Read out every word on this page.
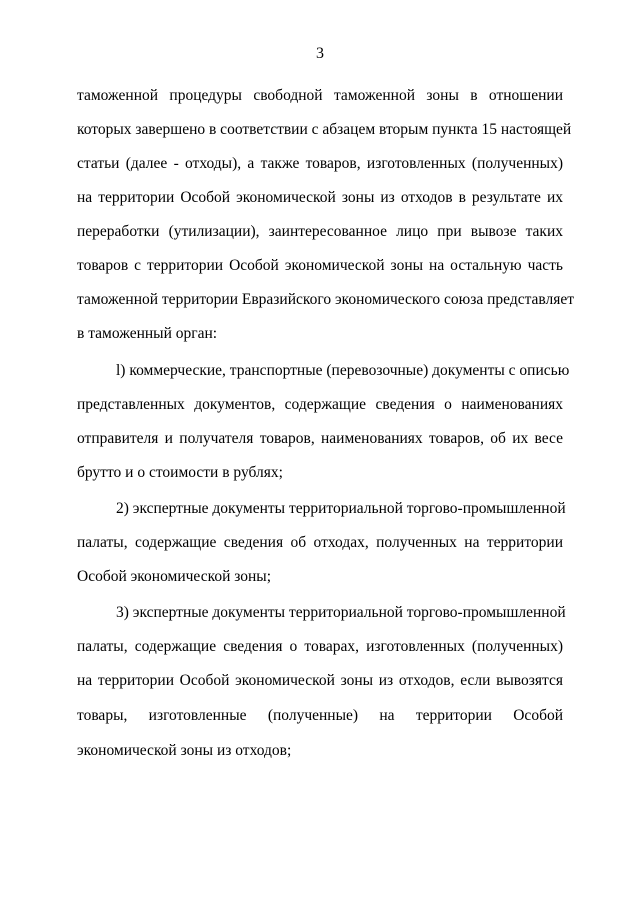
3
таможенной процедуры свободной таможенной зоны в отношении
которых завершено в соответствии с абзацем вторым пункта 15 настоящей
статьи (далее - отходы), а также товаров, изготовленных (полученных)
на территории Особой экономической зоны из отходов в результате их
переработки (утилизации), заинтересованное лицо при вывозе таких
товаров с территории Особой экономической зоны на остальную часть
таможенной территории Евразийского экономического союза представляет
в таможенный орган:
l) коммерческие, транспортные (перевозочные) документы с описью
представленных документов, содержащие сведения о наименованиях
отправителя и получателя товаров, наименованиях товаров, об их весе
брутто и о стоимости в рублях;
2) экспертные документы территориальной торгово-промышленной
палаты, содержащие сведения об отходах, полученных на территории
Особой экономической зоны;
3) экспертные документы территориальной торгово-промышленной
палаты, содержащие сведения о товарах, изготовленных (полученных)
на территории Особой экономической зоны из отходов, если вывозятся
товары, изготовленные (полученные) на территории Особой
экономической зоны из отходов;
